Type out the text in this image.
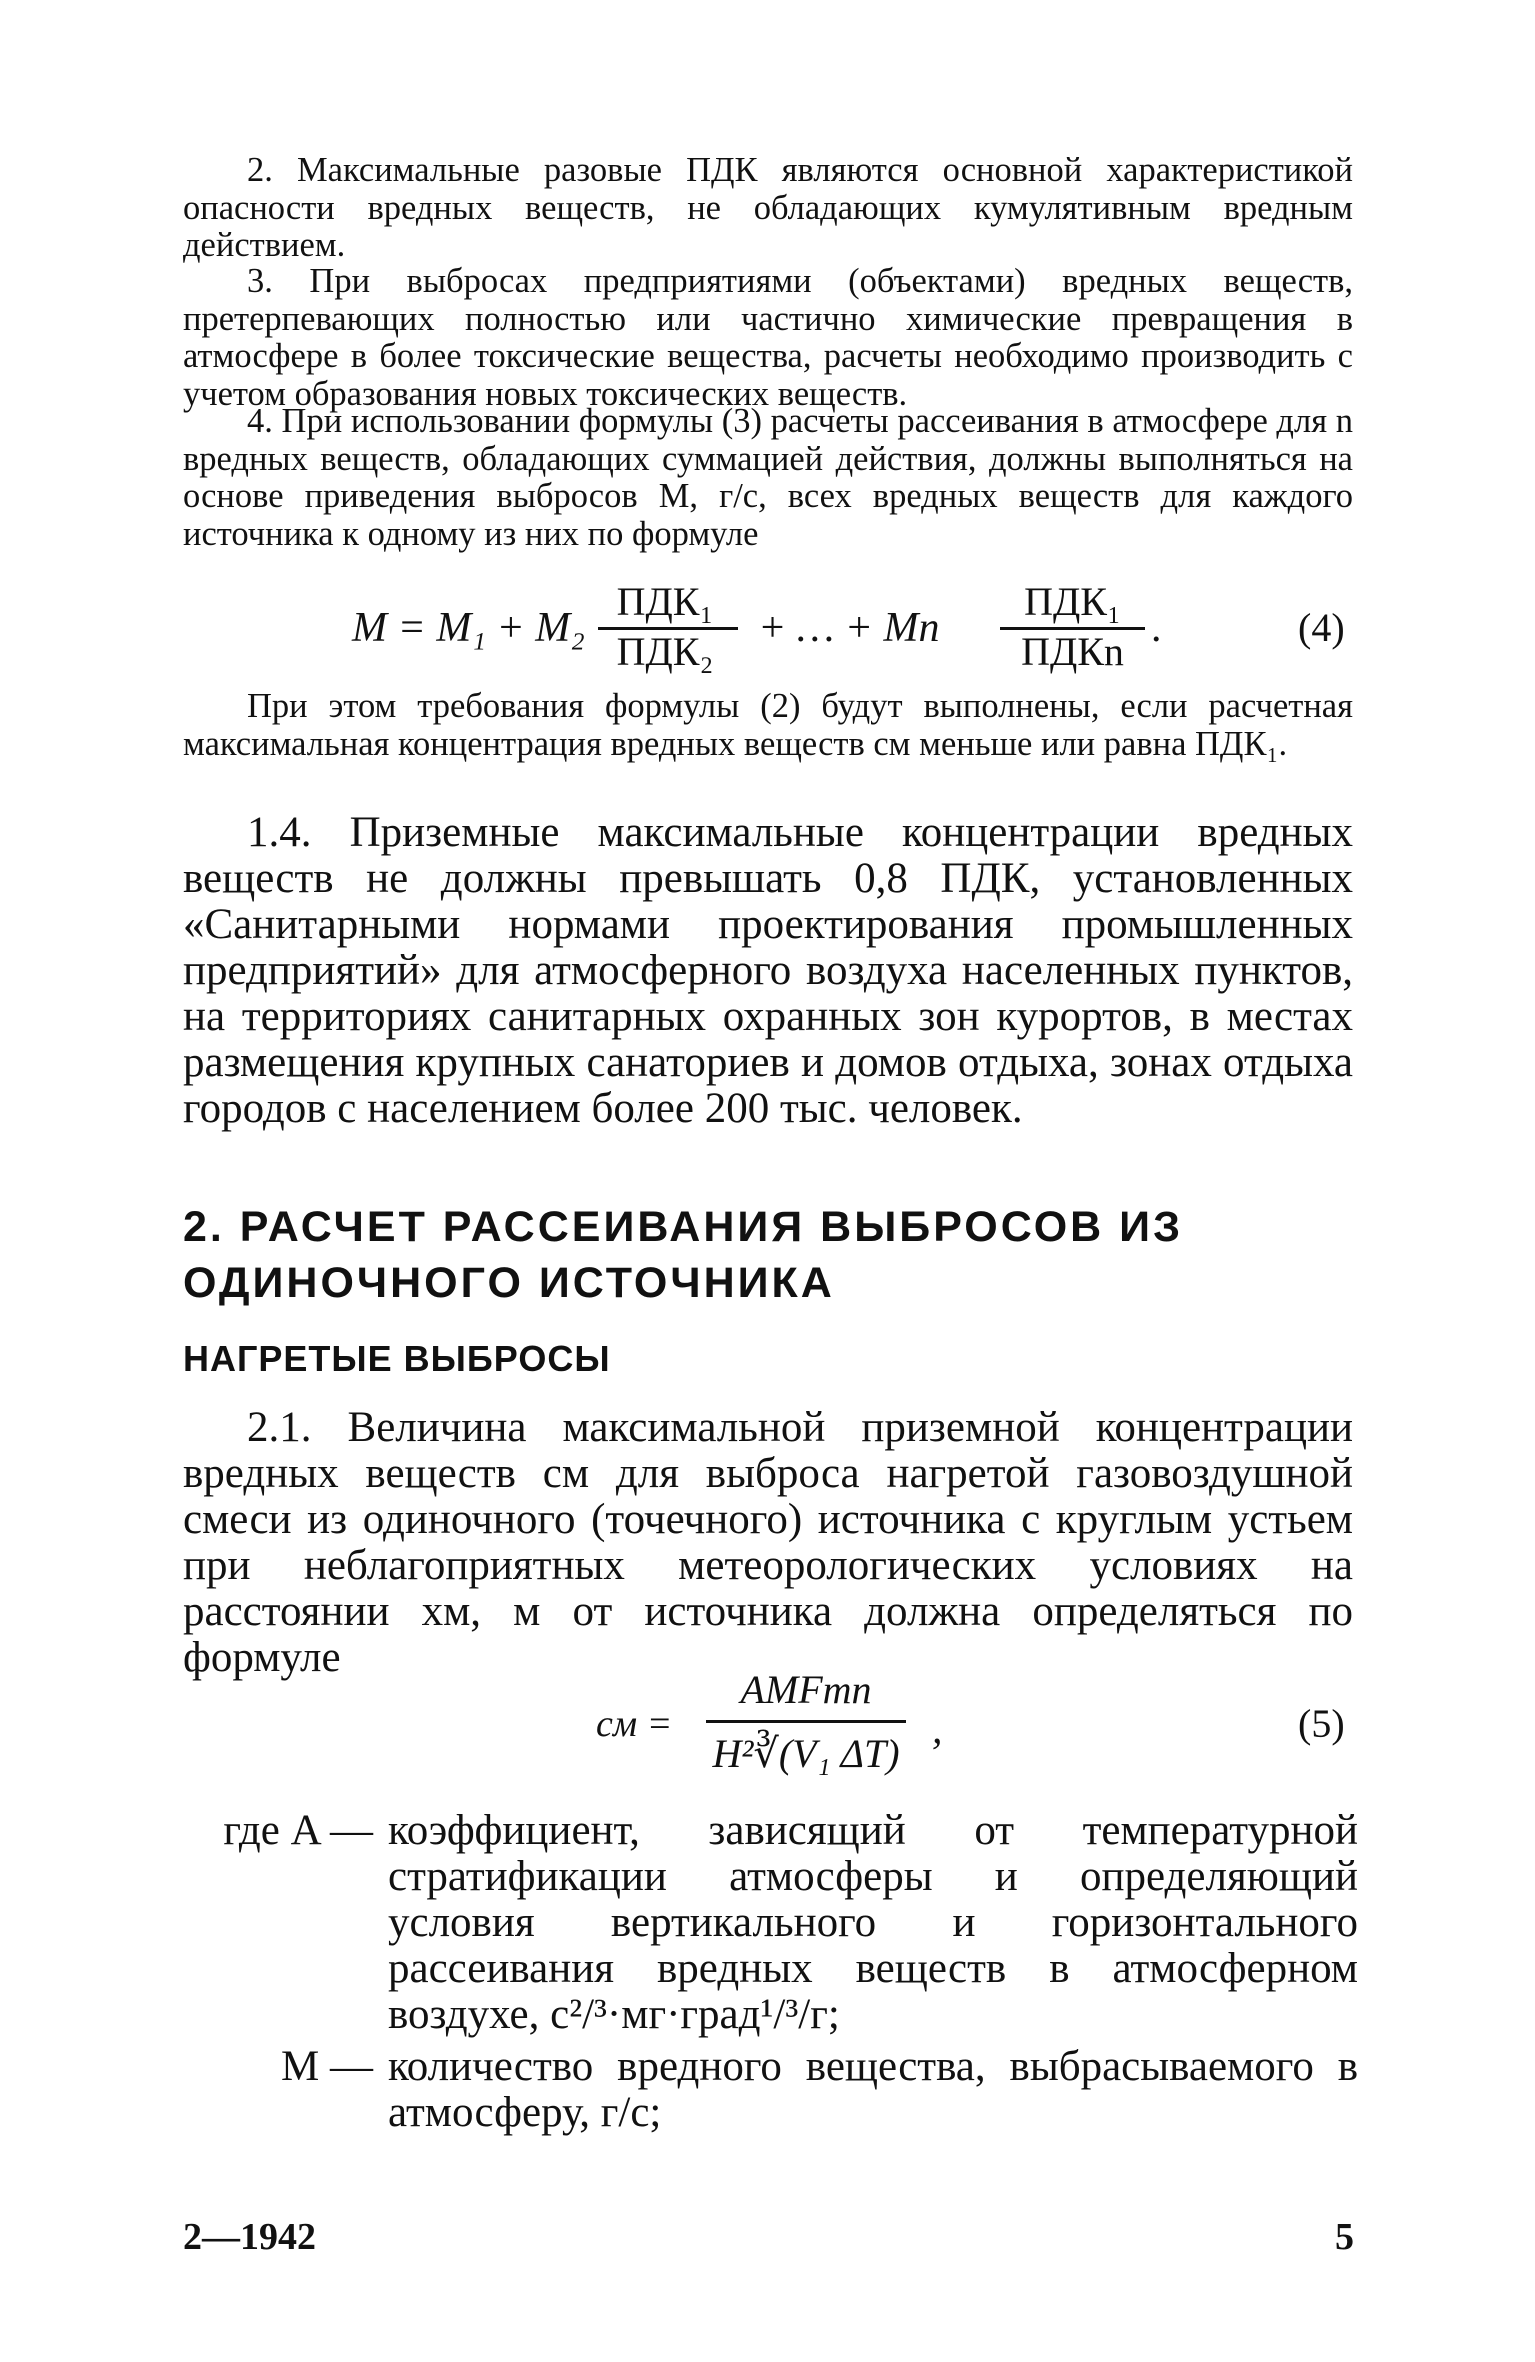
2. Максимальные разовые ПДК являются основной характеристикой опасности вредных веществ, не обладающих кумулятивным вредным действием.

3. При выбросах предприятиями (объектами) вредных веществ, претерпевающих полностью или частично химические превращения в атмосфере в более токсические вещества, расчеты необходимо производить с учетом образования новых токсических веществ.

4. При использовании формулы (3) расчеты рассеивания в атмосфере для n вредных веществ, обладающих суммацией действия, должны выполняться на основе приведения выбросов М, г/с, всех вредных веществ для каждого источника к одному из них по формуле

M = M₁ + M₂
ПДК₁
ПДК₂
+ … + Mn
ПДК₁
ПДКn
.	(4)

При этом требования формулы (2) будут выполнены, если расчетная максимальная концентрация вредных веществ cм меньше или равна ПДК₁.

1.4. Приземные максимальные концентрации вредных веществ не должны превышать 0,8 ПДК, установленных «Санитарными нормами проектирования промышленных предприятий» для атмосферного воздуха населенных пунктов, на территориях санитарных охранных зон курортов, в местах размещения крупных санаториев и домов отдыха, зонах отдыха городов с населением более 200 тыс. человек.

2. РАСЧЕТ РАССЕИВАНИЯ ВЫБРОСОВ ИЗ
ОДИНОЧНОГО ИСТОЧНИКА
НАГРЕТЫЕ ВЫБРОСЫ

2.1. Величина максимальной приземной концентрации вредных веществ cм для выброса нагретой газовоздушной смеси из одиночного (точечного) источника с круглым устьем при неблагоприятных метеорологических условиях на расстоянии xм, м от источника должна определяться по формуле

cм =
AMFmn
H²∛(V₁ ΔT)
,	(5)
где A — коэффициент, зависящий от температурной стратификации атмосферы и определяющий условия вертикального и горизонтального рассеивания вредных веществ в атмосферном воздухе, с²/³·мг·град¹/³/г;
M — количество вредного вещества, выбрасываемого в атмосферу, г/с;
2—1942	5
